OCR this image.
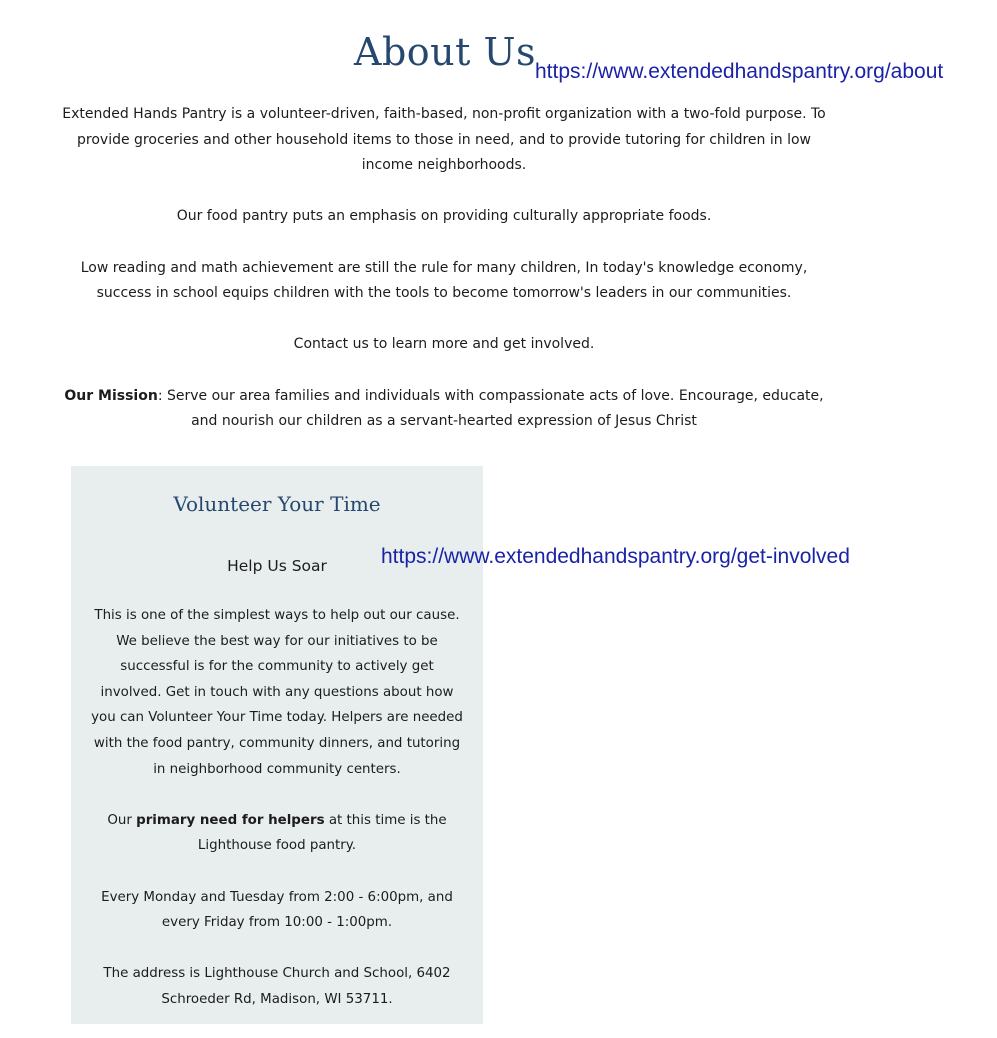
About Us https://www.extendedhandspantry.org/about

Extended Hands Pantry is a volunteer-driven, faith-based, non-profit organization with a two-fold purpose. To provide groceries and other household items to those in need, and to provide tutoring for children in low income neighborhoods.

Our food pantry puts an emphasis on providing culturally appropriate foods.

Low reading and math achievement are still the rule for many children, In today's knowledge economy, success in school equips children with the tools to become tomorrow's leaders in our communities.

Contact us to learn more and get involved.

Our Mission: Serve our area families and individuals with compassionate acts of love. Encourage, educate, and nourish our children as a servant-hearted expression of Jesus Christ

Volunteer Your Time
Help Us Soar

This is one of the simplest ways to help out our cause. We believe the best way for our initiatives to be successful is for the community to actively get involved. Get in touch with any questions about how you can Volunteer Your Time today. Helpers are needed with the food pantry, community dinners, and tutoring in neighborhood community centers.

Our primary need for helpers at this time is the Lighthouse food pantry.

Every Monday and Tuesday from 2:00 - 6:00pm, and every Friday from 10:00 - 1:00pm.

The address is Lighthouse Church and School, 6402 Schroeder Rd, Madison, WI 53711.

https://www.extendedhandspantry.org/get-involved
